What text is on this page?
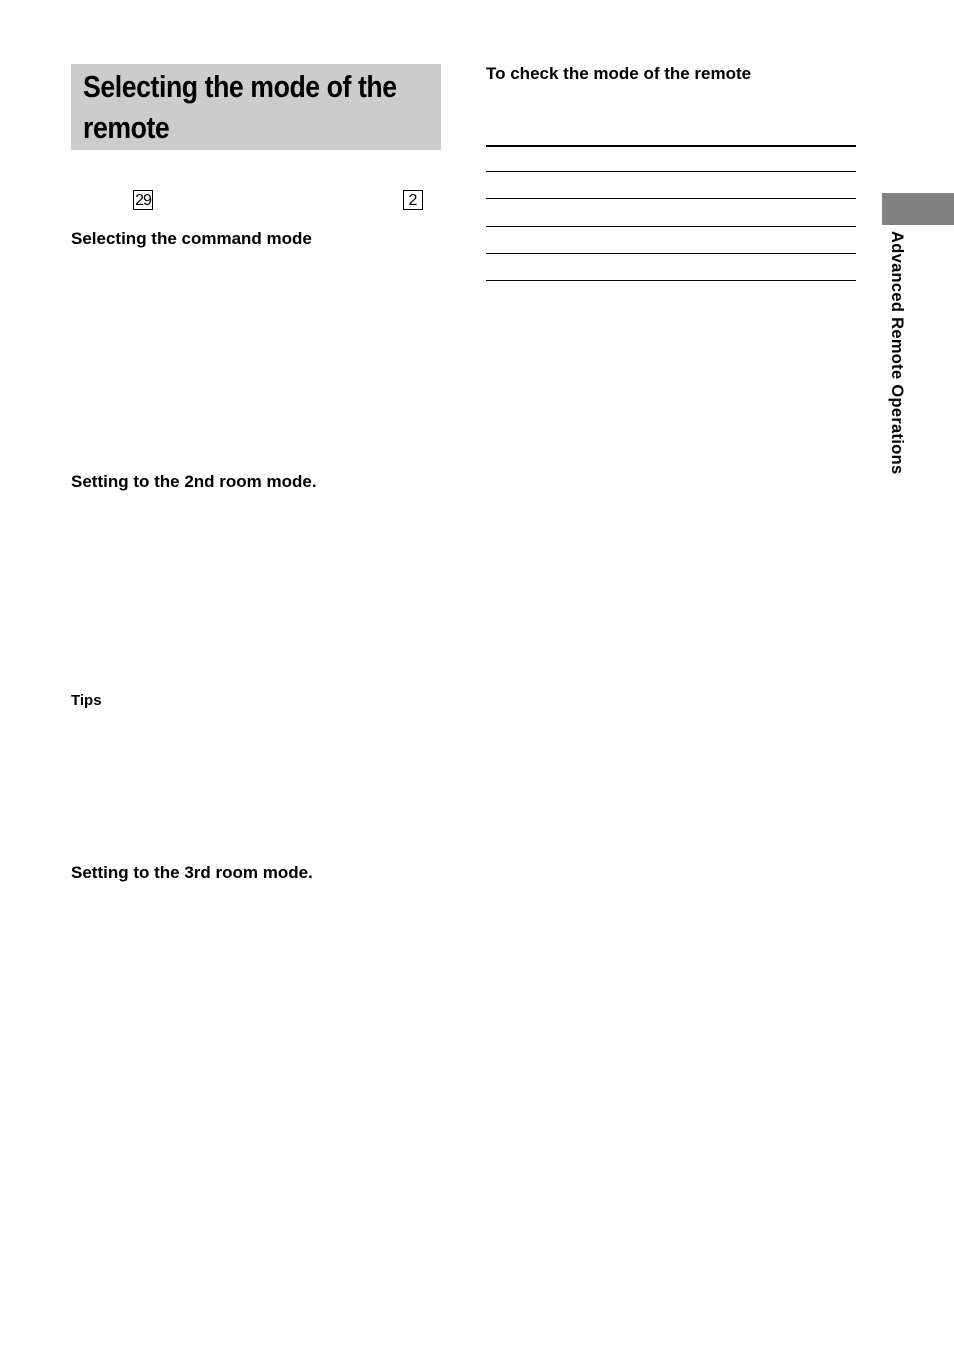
Selecting the mode of the remote
29	2
Selecting the command mode
Setting to the 2nd room mode.

Tips

Setting to the 3rd room mode.
To check the mode of the remote
Advanced Remote Operations
